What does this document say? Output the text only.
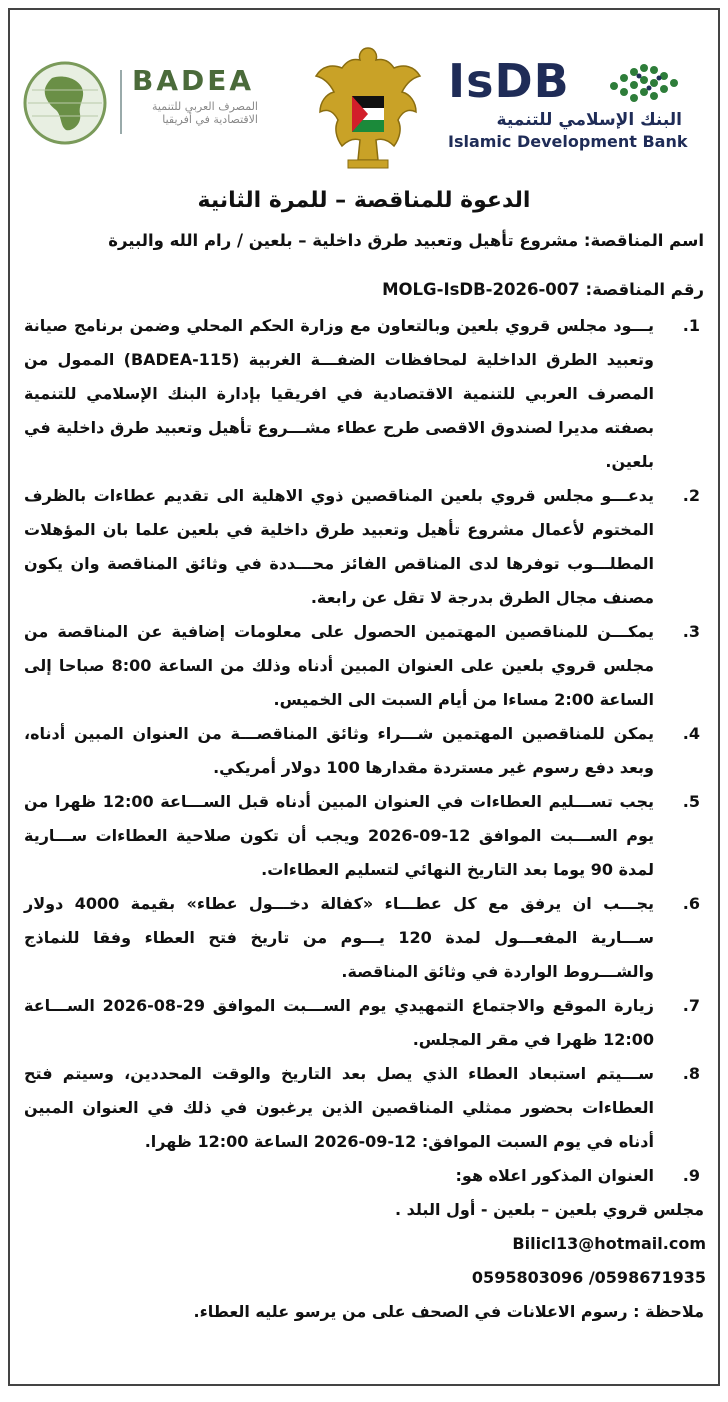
IsDB
البنك الإسلامي للتنمية
Islamic Development Bank
BADEA
المصرف العربي للتنمية الاقتصادية في أفريقيا
الدعوة للمناقصة – للمرة الثانية
اسم المناقصة: مشروع تأهيل وتعبيد طرق داخلية – بلعين / رام الله والبيرة
رقم المناقصة: MOLG-IsDB-2026-007
.1
يـــود مجلس قروي بلعين وبالتعاون مع وزارة الحكم المحلي وضمن برنامج صيانة وتعبيد الطرق الداخلية لمحافظات الضفـــة الغربية (BADEA-115) الممول من المصرف العربي للتنمية الاقتصادية في افريقيا بإدارة البنك الإسلامي للتنمية بصفته مديرا لصندوق الاقصى طرح عطاء مشـــروع تأهيل وتعبيد طرق داخلية في بلعين.
.2
يدعـــو مجلس قروي بلعين المناقصين ذوي الاهلية الى تقديم عطاءات بالظرف المختوم لأعمال مشروع تأهيل وتعبيد طرق داخلية في بلعين علما بان المؤهلات المطلـــوب توفرها لدى المناقص الفائز محـــددة في وثائق المناقصة وان يكون مصنف مجال الطرق بدرجة لا تقل عن رابعة.
.3
يمكـــن للمناقصين المهتمين الحصول على معلومات إضافية عن المناقصة من مجلس قروي بلعين على العنوان المبين أدناه وذلك من الساعة 8:00 صباحا إلى الساعة 2:00 مساءا من أيام السبت الى الخميس.
.4
يمكن للمناقصين المهتمين شـــراء وثائق المناقصـــة من العنوان المبين أدناه، وبعد دفع رسوم غير مستردة مقدارها 100 دولار أمريكي.
.5
يجب تســـليم العطاءات في العنوان المبين أدناه قبل الســـاعة 12:00 ظهرا من يوم الســـبت الموافق 12-09-2026 ويجب أن تكون صلاحية العطاءات ســـارية لمدة 90 يوما بعد التاريخ النهائي لتسليم العطاءات.
.6
يجـــب ان يرفق مع كل عطـــاء «كفالة دخـــول عطاء» بقيمة 4000 دولار ســـارية المفعـــول لمدة 120 يـــوم من تاريخ فتح العطاء وفقا للنماذج والشـــروط الواردة في وثائق المناقصة.
.7
زيارة الموقع والاجتماع التمهيدي يوم الســـبت الموافق 29-08-2026 الســـاعة 12:00 ظهرا في مقر المجلس.
.8
ســـيتم استبعاد العطاء الذي يصل بعد التاريخ والوقت المحددين، وسيتم فتح العطاءات بحضور ممثلي المناقصين الذين يرغبون في ذلك في العنوان المبين أدناه في يوم السبت الموافق: 12-09-2026 الساعة 12:00 ظهرا.
.9
العنوان المذكور اعلاه هو:
مجلس قروي بلعين – بلعين - أول البلد .
Bilicl13@hotmail.com
0595803096 /0598671935
ملاحظة : رسوم الاعلانات في الصحف على من يرسو عليه العطاء.
